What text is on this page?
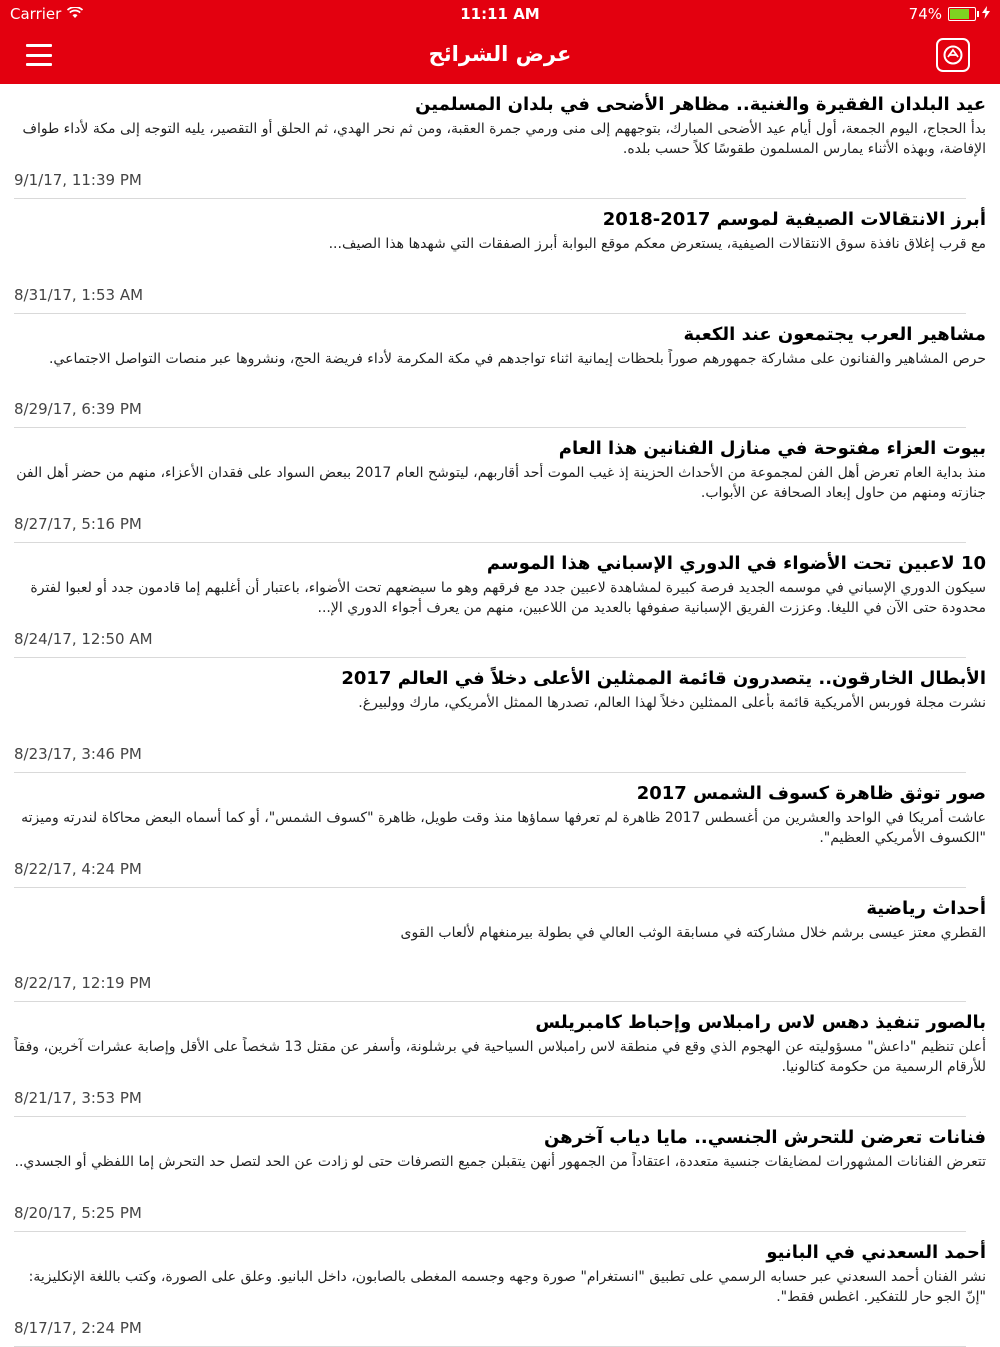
Carrier	11:11 AM	74%
عرض الشرائح
عيد البلدان الفقيرة والغنية.. مظاهر الأضحى في بلدان المسلمين
بدأ الحجاج، اليوم الجمعة، أول أيام عيد الأضحى المبارك، بتوجههم إلى منى ورمي جمرة العقبة، ومن ثم نحر الهدي، ثم الحلق أو التقصير، يليه التوجه إلى مكة لأداء طواف الإفاضة، وبهذه الأثناء يمارس المسلمون طقوسًا كلاً حسب بلده.
9/1/17, 11:39 PM
أبرز الانتقالات الصيفية لموسم 2017-2018
مع قرب إغلاق نافذة سوق الانتقالات الصيفية، يستعرض معكم موقع البوابة أبرز الصفقات التي شهدها هذا الصيف...
8/31/17, 1:53 AM
مشاهير العرب يجتمعون عند الكعبة
حرص المشاهير والفنانون على مشاركة جمهورهم صوراً بلحظات إيمانية اثناء تواجدهم في مكة المكرمة لأداء فريضة الحج، ونشروها عبر منصات التواصل الاجتماعي.
8/29/17, 6:39 PM
بيوت العزاء مفتوحة في منازل الفنانين هذا العام
منذ بداية العام تعرض أهل الفن لمجموعة من الأحداث الحزينة إذ غيب الموت أحد أقاربهم، ليتوشح العام 2017 ببعض السواد على فقدان الأعزاء، منهم من حضر أهل الفن جنازته ومنهم من حاول إبعاد الصحافة عن الأبواب.
8/27/17, 5:16 PM
10 لاعبين تحت الأضواء في الدوري الإسباني هذا الموسم
سيكون الدوري الإسباني في موسمه الجديد فرصة كبيرة لمشاهدة لاعبين جدد مع فرقهم وهو ما سيضعهم تحت الأضواء، باعتبار أن أغلبهم إما قادمون جدد أو لعبوا لفترة محدودة حتى الآن في الليغا. وعززت الفريق الإسبانية صفوفها بالعديد من اللاعبين، منهم من يعرف أجواء الدوري الإ...
8/24/17, 12:50 AM
الأبطال الخارقون.. يتصدرون قائمة الممثلين الأعلى دخلاً في العالم 2017
نشرت مجلة فوربس الأمريكية قائمة بأعلى الممثلين دخلاً لهذا العالم، تصدرها الممثل الأمريكي، مارك وولبيرغ.
8/23/17, 3:46 PM
صور توثق ظاهرة كسوف الشمس 2017
عاشت أمريكا في الواحد والعشرين من أغسطس 2017 ظاهرة لم تعرفها سماؤها منذ وقت طويل، ظاهرة "كسوف الشمس"، أو كما أسماه البعض محاكاة لندرته وميزته "الكسوف الأمريكي العظيم".
8/22/17, 4:24 PM
أحداث رياضية
القطري معتز عيسى برشم خلال مشاركته في مسابقة الوثب العالي في بطولة بيرمنغهام لألعاب القوى
8/22/17, 12:19 PM
بالصور تنفيذ دهس لاس رامبلاس وإحباط كامبريلس
أعلن تنظيم "داعش" مسؤوليته عن الهجوم الذي وقع في منطقة لاس رامبلاس السياحية في برشلونة، وأسفر عن مقتل 13 شخصاً على الأقل وإصابة عشرات آخرين، وفقاً للأرقام الرسمية من حكومة كتالونيا.
8/21/17, 3:53 PM
فنانات تعرضن للتحرش الجنسي.. مايا دياب آخرهن
تتعرض الفنانات المشهورات لمضايقات جنسية متعددة، اعتقاداً من الجمهور أنهن يتقبلن جميع التصرفات حتى لو زادت عن الحد لتصل حد التحرش إما اللفظي أو الجسدي..
8/20/17, 5:25 PM
أحمد السعدني في البانيو
نشر الفنان أحمد السعدني عبر حسابه الرسمي على تطبيق "انستغرام" صورة وجهه وجسمه المغطى بالصابون، داخل البانيو. وعلق على الصورة، وكتب باللغة الإنكليزية: "إنّ الجو حار للتفكير. اغطس فقط".
8/17/17, 2:24 PM
